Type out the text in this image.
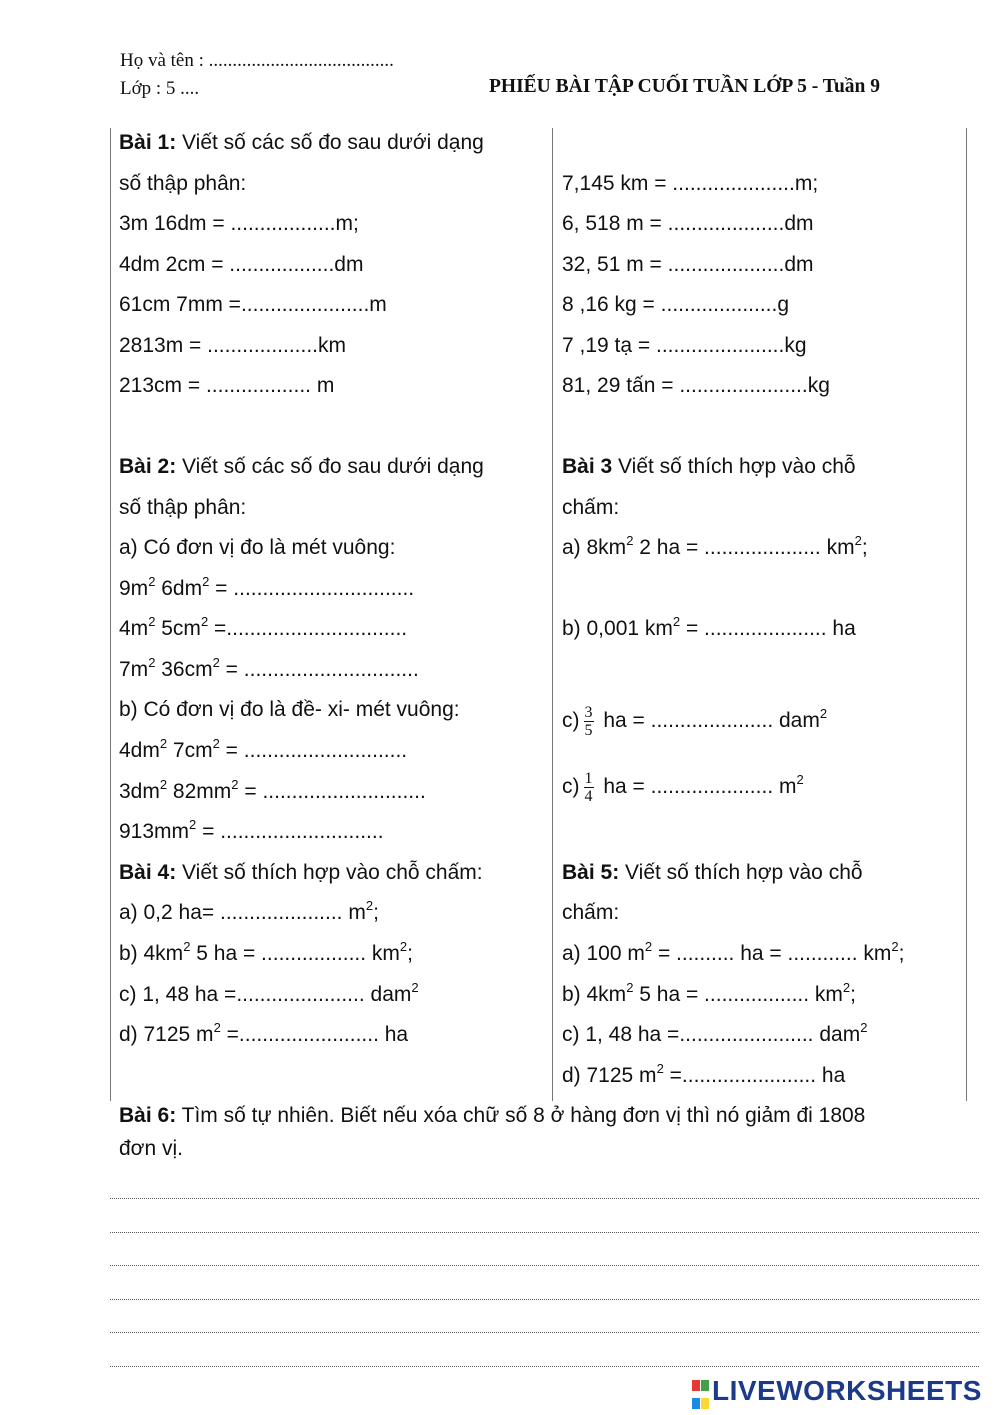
Họ và tên : .......................................
Lớp : 5 ....	PHIẾU BÀI TẬP CUỐI TUẦN LỚP 5 - Tuần 9
Bài 1: Viết số các số đo sau dưới dạng
số thập phân:
3m 16dm = ..................m;
4dm 2cm = ..................dm
61cm 7mm =......................m
2813m = ...................km
213cm = .................. m
7,145 km = .....................m;
6, 518 m = ....................dm
32, 51 m = ....................dm
8 ,16 kg = ....................g
7 ,19 tạ = ......................kg
81, 29 tấn = ......................kg
Bài 2: Viết số các số đo sau dưới dạng
số thập phân:
a) Có đơn vị đo là mét vuông:
$9m^2$ $6dm^2$ = ...............................
$4m^2$ $5cm^2$ =...............................
$7m^2$ $36cm^2$ = ..............................
b) Có đơn vị đo là đề- xi- mét vuông:
$4dm^2$ $7cm^2$ = ............................
$3dm^2$ $82mm^2$ = ............................
$913mm^2$ = ............................
Bài 3 Viết số thích hợp vào chỗ
chấm:
a) $8km^2$ 2 ha = .................... $km^2$;
b) 0,001 $km^2$ = ..................... ha
$c) \frac{3}{5}$ ha = ..................... dam$^2$
$c) \frac{1}{4}$ ha = ..................... $m^2$
Bài 4: Viết số thích hợp vào chỗ chấm:
a) 0,2 ha= ..................... $m^2$;
b) $4km^2$ 5 ha = .................. $km^2$;
c) 1, 48 ha =...................... dam$^2$
d) 7125 $m^2$ =........................ ha
Bài 5: Viết số thích hợp vào chỗ
chấm:
a) 100 $m^2$ = .......... ha = ............ $km^2$;
b) $4km^2$ 5 ha = .................. $km^2$;
c) 1, 48 ha =....................... dam$^2$
d) 7125 $m^2$ =....................... ha
Bài 6: Tìm số tự nhiên. Biết nếu xóa chữ số 8 ở hàng đơn vị thì nó giảm đi 1808
đơn vị.
LIVEWORKSHEETS
